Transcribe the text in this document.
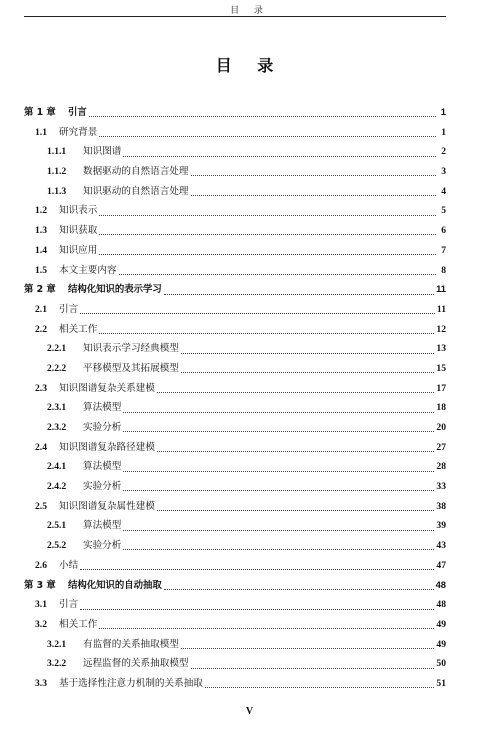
目 录
目 录
第 1 章	引言	1
1.1	研究背景	1
1.1.1	知识图谱	2
1.1.2	数据驱动的自然语言处理	3
1.1.3	知识驱动的自然语言处理	4
1.2	知识表示	5
1.3	知识获取	6
1.4	知识应用	7
1.5	本文主要内容	8
第 2 章	结构化知识的表示学习	11
2.1	引言	11
2.2	相关工作	12
2.2.1	知识表示学习经典模型	13
2.2.2	平移模型及其拓展模型	15
2.3	知识图谱复杂关系建模	17
2.3.1	算法模型	18
2.3.2	实验分析	20
2.4	知识图谱复杂路径建模	27
2.4.1	算法模型	28
2.4.2	实验分析	33
2.5	知识图谱复杂属性建模	38
2.5.1	算法模型	39
2.5.2	实验分析	43
2.6	小结	47
第 3 章	结构化知识的自动抽取	48
3.1	引言	48
3.2	相关工作	49
3.2.1	有监督的关系抽取模型	49
3.2.2	远程监督的关系抽取模型	50
3.3	基于选择性注意力机制的关系抽取	51
V
